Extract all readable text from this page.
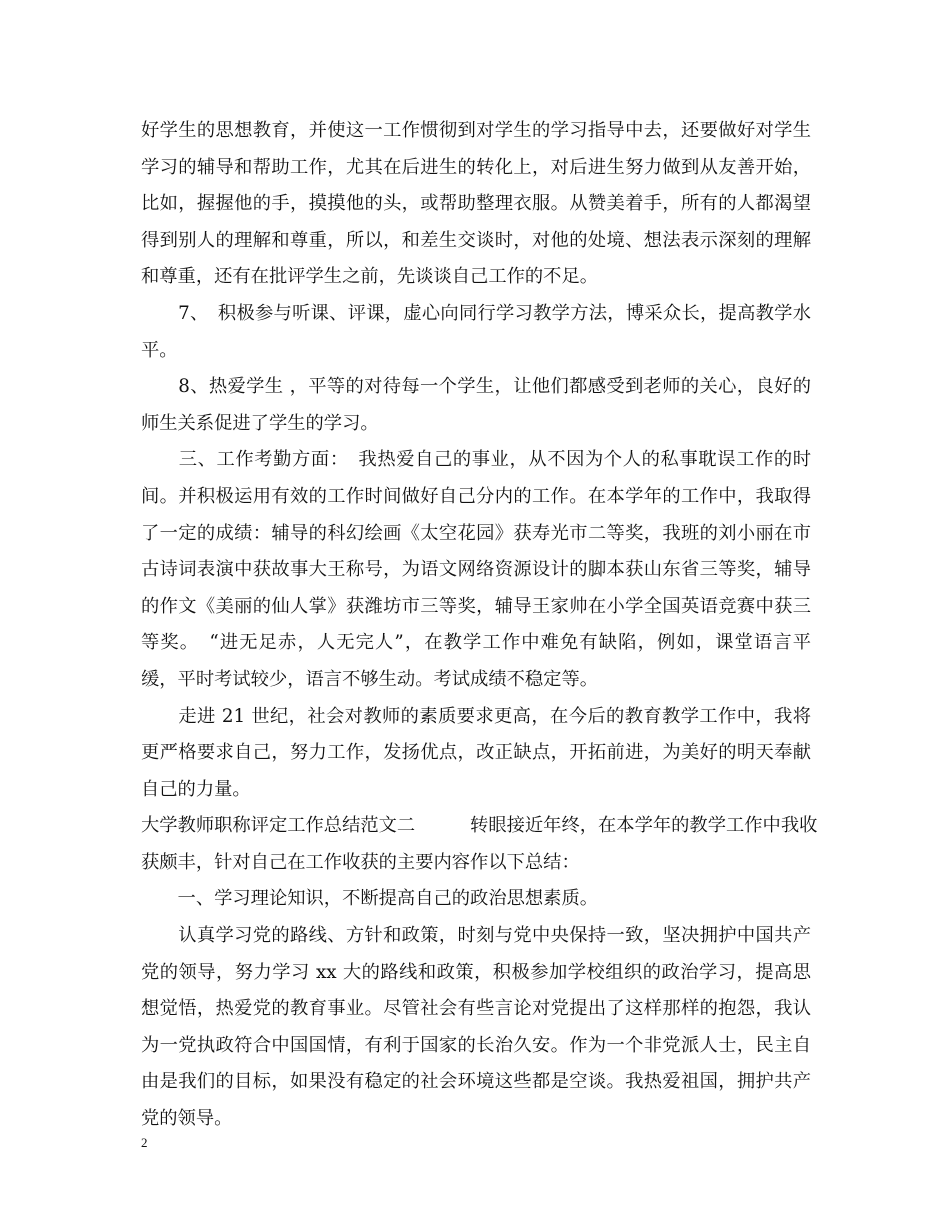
好学生的思想教育，并使这一工作惯彻到对学生的学习指导中去，还要做好对学生
学习的辅导和帮助工作，尤其在后进生的转化上，对后进生努力做到从友善开始，
比如，握握他的手，摸摸他的头，或帮助整理衣服。从赞美着手，所有的人都渴望
得到别人的理解和尊重，所以，和差生交谈时，对他的处境、想法表示深刻的理解
和尊重，还有在批评学生之前，先谈谈自己工作的不足。
　　7、　积极参与听课、评课，虚心向同行学习教学方法，博采众长，提高教学水
平。
　　8、热爱学生 ，平等的对待每一个学生，让他们都感受到老师的关心，良好的
师生关系促进了学生的学习。
　　三、工作考勤方面：　我热爱自己的事业，从不因为个人的私事耽误工作的时
间。并积极运用有效的工作时间做好自己分内的工作。在本学年的工作中，我取得
了一定的成绩：辅导的科幻绘画《太空花园》获寿光市二等奖，我班的刘小丽在市
古诗词表演中获故事大王称号，为语文网络资源设计的脚本获山东省三等奖，辅导
的作文《美丽的仙人掌》获潍坊市三等奖，辅导王家帅在小学全国英语竞赛中获三
等奖。　“进无足赤，人无完人”，在教学工作中难免有缺陷，例如，课堂语言平
缓，平时考试较少，语言不够生动。考试成绩不稳定等。
　　走进 21 世纪，社会对教师的素质要求更高，在今后的教育教学工作中，我将
更严格要求自己，努力工作，发扬优点，改正缺点，开拓前进，为美好的明天奉献
自己的力量。
大学教师职称评定工作总结范文二　　　转眼接近年终，在本学年的教学工作中我收
获颇丰，针对自己在工作收获的主要内容作以下总结：
　　一、学习理论知识，不断提高自己的政治思想素质。
　　认真学习党的路线、方针和政策，时刻与党中央保持一致，坚决拥护中国共产
党的领导，努力学习 xx 大的路线和政策，积极参加学校组织的政治学习，提高思
想觉悟，热爱党的教育事业。尽管社会有些言论对党提出了这样那样的抱怨，我认
为一党执政符合中国国情，有利于国家的长治久安。作为一个非党派人士，民主自
由是我们的目标，如果没有稳定的社会环境这些都是空谈。我热爱祖国，拥护共产
党的领导。
2
